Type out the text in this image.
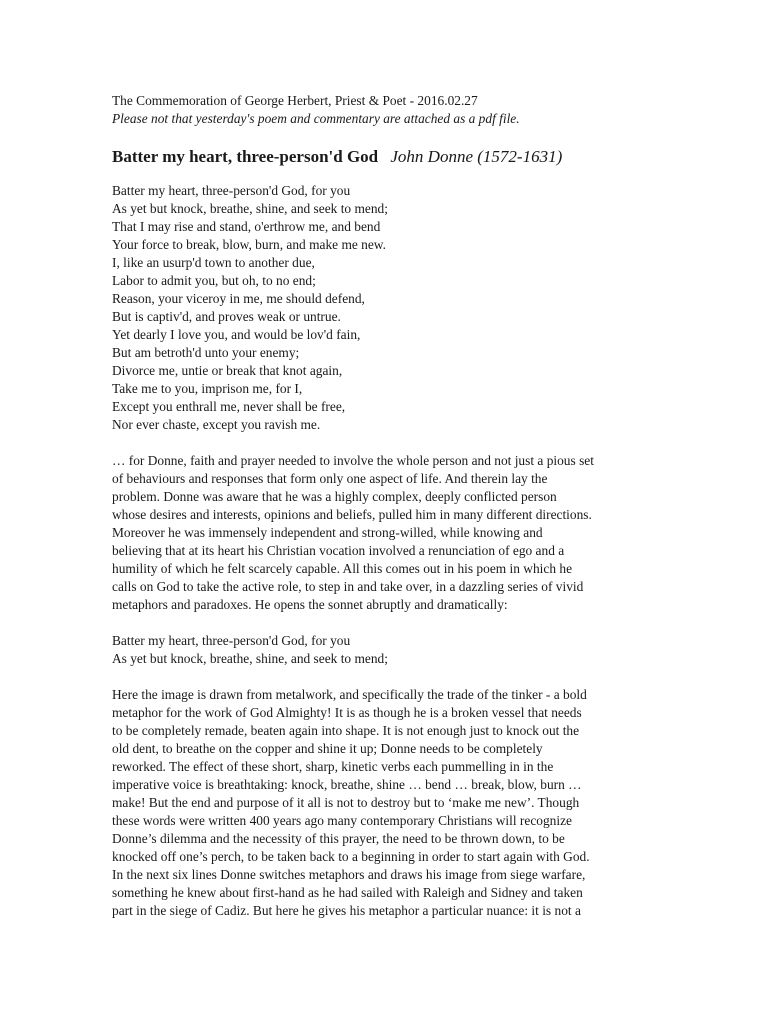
The Commemoration of George Herbert, Priest & Poet - 2016.02.27
Please not that yesterday's poem and commentary are attached as a pdf file.
Batter my heart, three-person'd God John Donne (1572-1631)
Batter my heart, three-person'd God, for you
As yet but knock, breathe, shine, and seek to mend;
That I may rise and stand, o'erthrow me, and bend
Your force to break, blow, burn, and make me new.
I, like an usurp'd town to another due,
Labor to admit you, but oh, to no end;
Reason, your viceroy in me, me should defend,
But is captiv'd, and proves weak or untrue.
Yet dearly I love you, and would be lov'd fain,
But am betroth'd unto your enemy;
Divorce me, untie or break that knot again,
Take me to you, imprison me, for I,
Except you enthrall me, never shall be free,
Nor ever chaste, except you ravish me.
… for Donne, faith and prayer needed to involve the whole person and not just a pious set
of behaviours and responses that form only one aspect of life. And therein lay the
problem. Donne was aware that he was a highly complex, deeply conflicted person
whose desires and interests, opinions and beliefs, pulled him in many different directions.
Moreover he was immensely independent and strong-willed, while knowing and
believing that at its heart his Christian vocation involved a renunciation of ego and a
humility of which he felt scarcely capable. All this comes out in his poem in which he
calls on God to take the active role, to step in and take over, in a dazzling series of vivid
metaphors and paradoxes. He opens the sonnet abruptly and dramatically:
Batter my heart, three-person'd God, for you
As yet but knock, breathe, shine, and seek to mend;
Here the image is drawn from metalwork, and specifically the trade of the tinker - a bold
metaphor for the work of God Almighty! It is as though he is a broken vessel that needs
to be completely remade, beaten again into shape. It is not enough just to knock out the
old dent, to breathe on the copper and shine it up; Donne needs to be completely
reworked. The effect of these short, sharp, kinetic verbs each pummelling in in the
imperative voice is breathtaking: knock, breathe, shine … bend … break, blow, burn …
make! But the end and purpose of it all is not to destroy but to ‘make me new’. Though
these words were written 400 years ago many contemporary Christians will recognize
Donne’s dilemma and the necessity of this prayer, the need to be thrown down, to be
knocked off one’s perch, to be taken back to a beginning in order to start again with God.
In the next six lines Donne switches metaphors and draws his image from siege warfare,
something he knew about first-hand as he had sailed with Raleigh and Sidney and taken
part in the siege of Cadiz. But here he gives his metaphor a particular nuance: it is not a
